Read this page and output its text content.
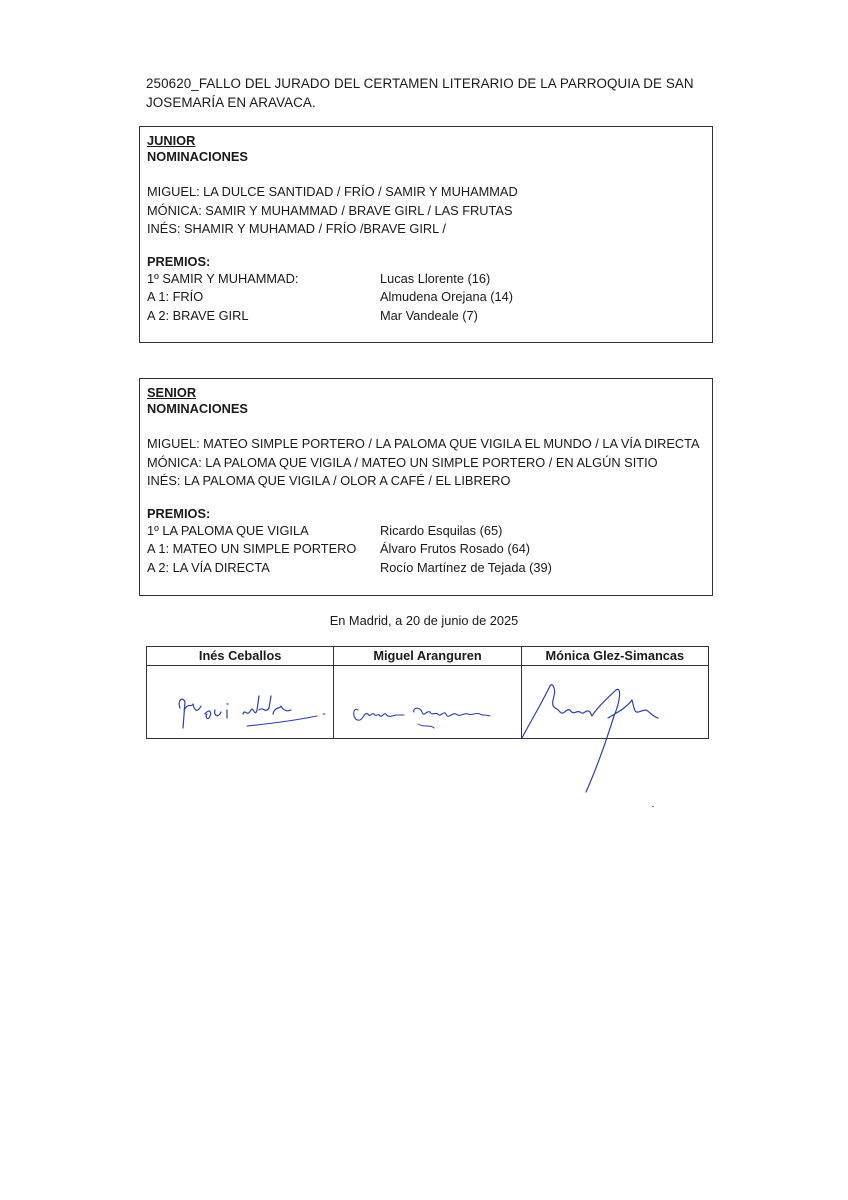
250620_FALLO DEL JURADO DEL CERTAMEN LITERARIO DE LA PARROQUIA DE SAN JOSEMARÍA EN ARAVACA.
JUNIOR
NOMINACIONES
MIGUEL: LA DULCE SANTIDAD / FRÍO / SAMIR Y MUHAMMAD
MÓNICA: SAMIR Y MUHAMMAD / BRAVE GIRL / LAS FRUTAS
INÉS: SHAMIR Y MUHAMAD / FRÍO /BRAVE GIRL /
PREMIOS:
1º SAMIR Y MUHAMMAD:	Lucas Llorente (16)
A 1: FRÍO	Almudena Orejana (14)
A 2: BRAVE GIRL	Mar Vandeale (7)
SENIOR
NOMINACIONES
MIGUEL: MATEO SIMPLE PORTERO / LA PALOMA QUE VIGILA EL MUNDO / LA VÍA DIRECTA
MÓNICA: LA PALOMA QUE VIGILA / MATEO UN SIMPLE PORTERO / EN ALGÚN SITIO
INÉS: LA PALOMA QUE VIGILA / OLOR A CAFÉ / EL LIBRERO
PREMIOS:
1º LA PALOMA QUE VIGILA	Ricardo Esquilas (65)
A 1: MATEO UN SIMPLE PORTERO Álvaro Frutos Rosado (64)
A 2: LA VÍA DIRECTA	Rocío Martínez de Tejada (39)
En Madrid, a 20 de junio de 2025
Inés Ceballos	Miguel Aranguren	Mónica Glez-Simancas
